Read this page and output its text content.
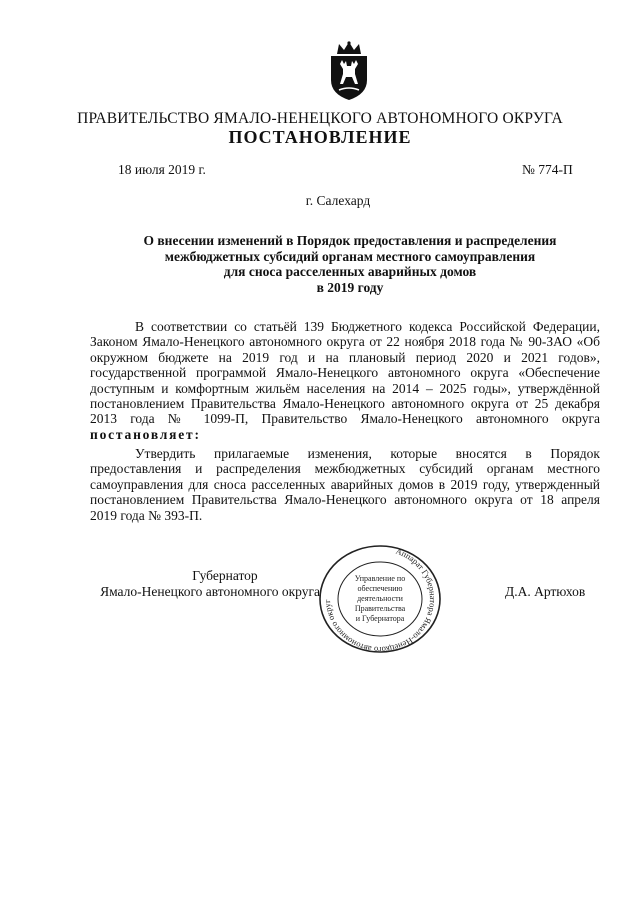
ПРАВИТЕЛЬСТВО ЯМАЛО-НЕНЕЦКОГО АВТОНОМНОГО ОКРУГА
ПОСТАНОВЛЕНИЕ
18 июля 2019 г.	№ 774-П
г. Салехард
О внесении изменений в Порядок предоставления и распределения
межбюджетных субсидий органам местного самоуправления
для сноса расселенных аварийных домов
в 2019 году
В соответствии со статьёй 139 Бюджетного кодекса Российской Федерации, Законом Ямало-Ненецкого автономного округа от 22 ноября 2018 года № 90-ЗАО «Об окружном бюджете на 2019 год и на плановый период 2020 и 2021 годов», государственной программой Ямало-Ненецкого автономного округа «Обеспечение доступным и комфортным жильём населения на 2014 – 2025 годы», утверждённой постановлением Правительства Ямало-Ненецкого автономного округа от 25 декабря 2013 года № 1099-П, Правительство Ямало-Ненецкого автономного округа постановляет:
Утвердить прилагаемые изменения, которые вносятся в Порядок предоставления и распределения межбюджетных субсидий органам местного самоуправления для сноса расселенных аварийных домов в 2019 году, утвержденный постановлением Правительства Ямало-Ненецкого автономного округа от 18 апреля 2019 года № 393-П.
Губернатор
Ямало-Ненецкого автономного округа
Аппарат Губернатора Ямало-Ненецкого автономного округ
Управление по
обеспечению
деятельности
Правительства
и Губернатора
Д.А. Артюхов
